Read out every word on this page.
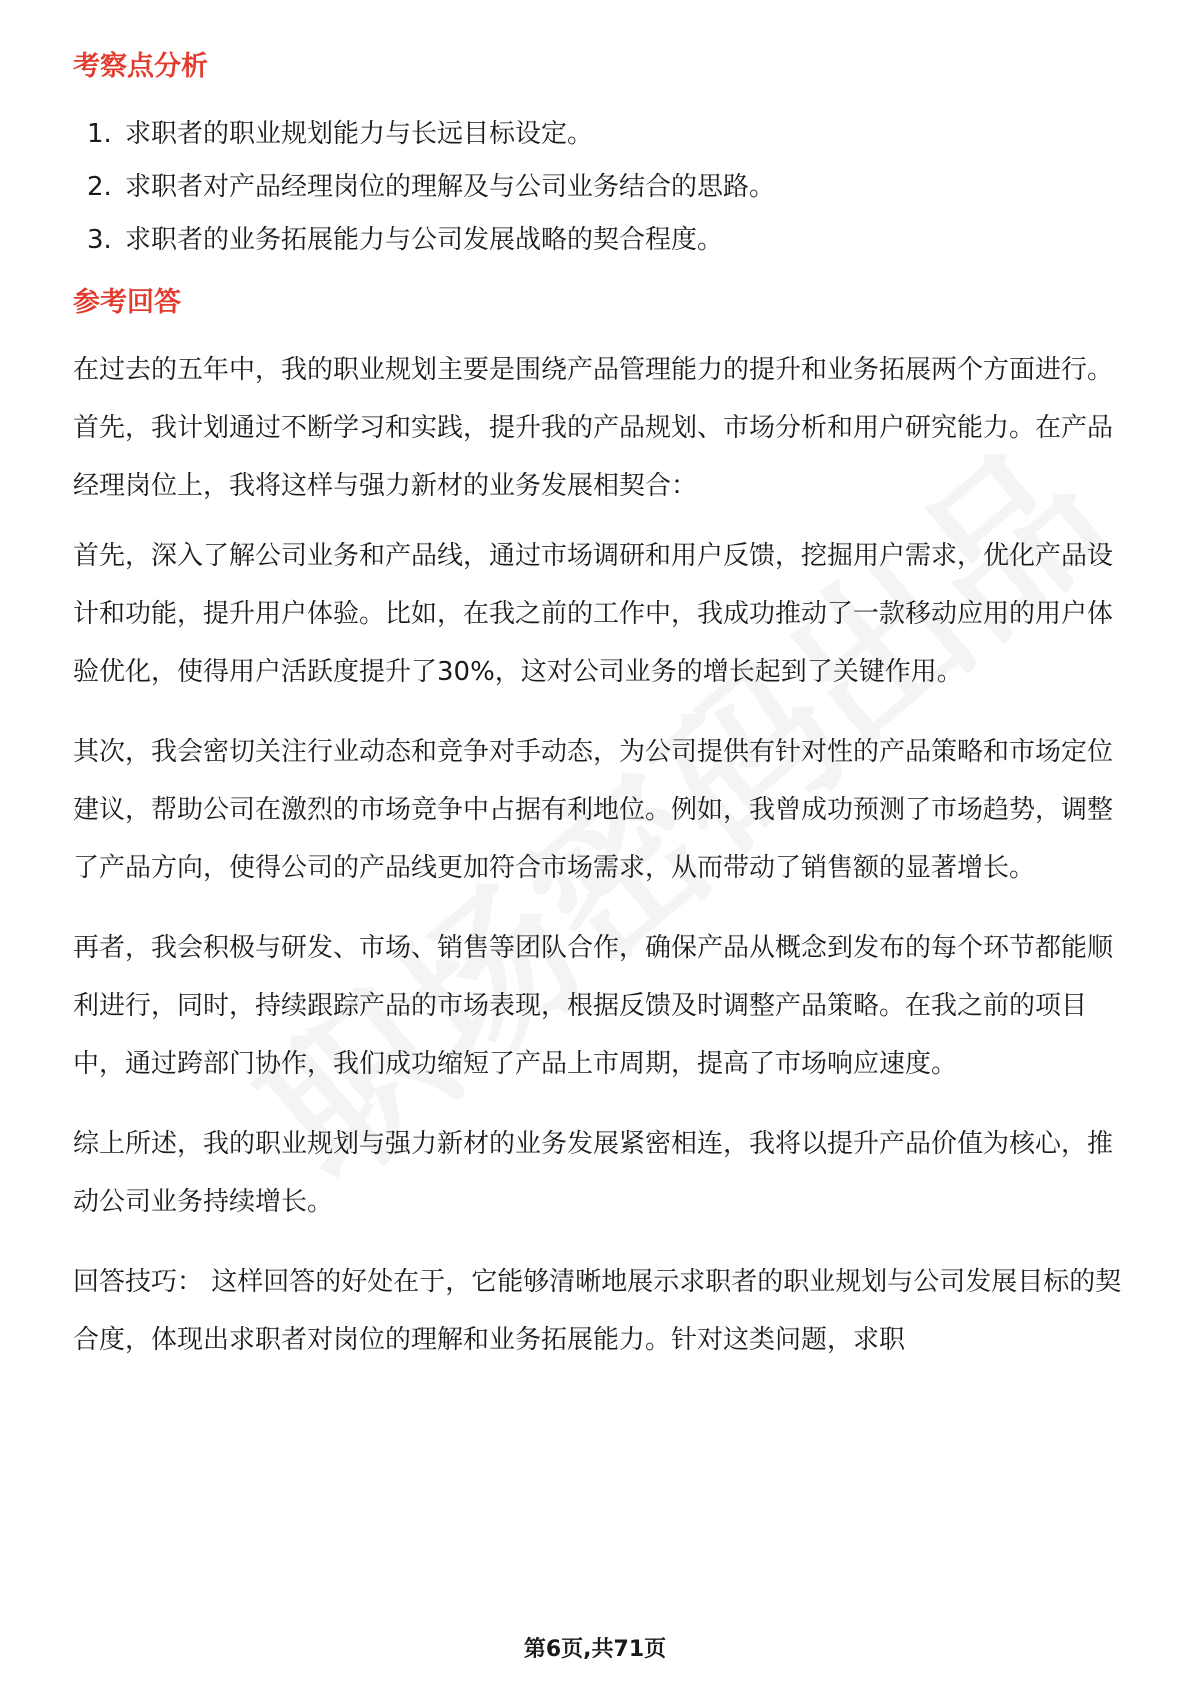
考察点分析
1. 求职者的职业规划能力与长远目标设定。
2. 求职者对产品经理岗位的理解及与公司业务结合的思路。
3. 求职者的业务拓展能力与公司发展战略的契合程度。
参考回答

在过去的五年中，我的职业规划主要是围绕产品管理能力的提升和业务拓展两个方面进行。首先，我计划通过不断学习和实践，提升我的产品规划、市场分析和用户研究能力。在产品经理岗位上，我将这样与强力新材的业务发展相契合：

首先，深入了解公司业务和产品线，通过市场调研和用户反馈，挖掘用户需求，优化产品设计和功能，提升用户体验。比如，在我之前的工作中，我成功推动了一款移动应用的用户体验优化，使得用户活跃度提升了30%，这对公司业务的增长起到了关键作用。

其次，我会密切关注行业动态和竞争对手动态，为公司提供有针对性的产品策略和市场定位建议，帮助公司在激烈的市场竞争中占据有利地位。例如，我曾成功预测了市场趋势，调整了产品方向，使得公司的产品线更加符合市场需求，从而带动了销售额的显著增长。

再者，我会积极与研发、市场、销售等团队合作，确保产品从概念到发布的每个环节都能顺利进行，同时，持续跟踪产品的市场表现，根据反馈及时调整产品策略。在我之前的项目中，通过跨部门协作，我们成功缩短了产品上市周期，提高了市场响应速度。

综上所述，我的职业规划与强力新材的业务发展紧密相连，我将以提升产品价值为核心，推动公司业务持续增长。

回答技巧： 这样回答的好处在于，它能够清晰地展示求职者的职业规划与公司发展目标的契合度，体现出求职者对岗位的理解和业务拓展能力。针对这类问题，求职

第6页,共71页
